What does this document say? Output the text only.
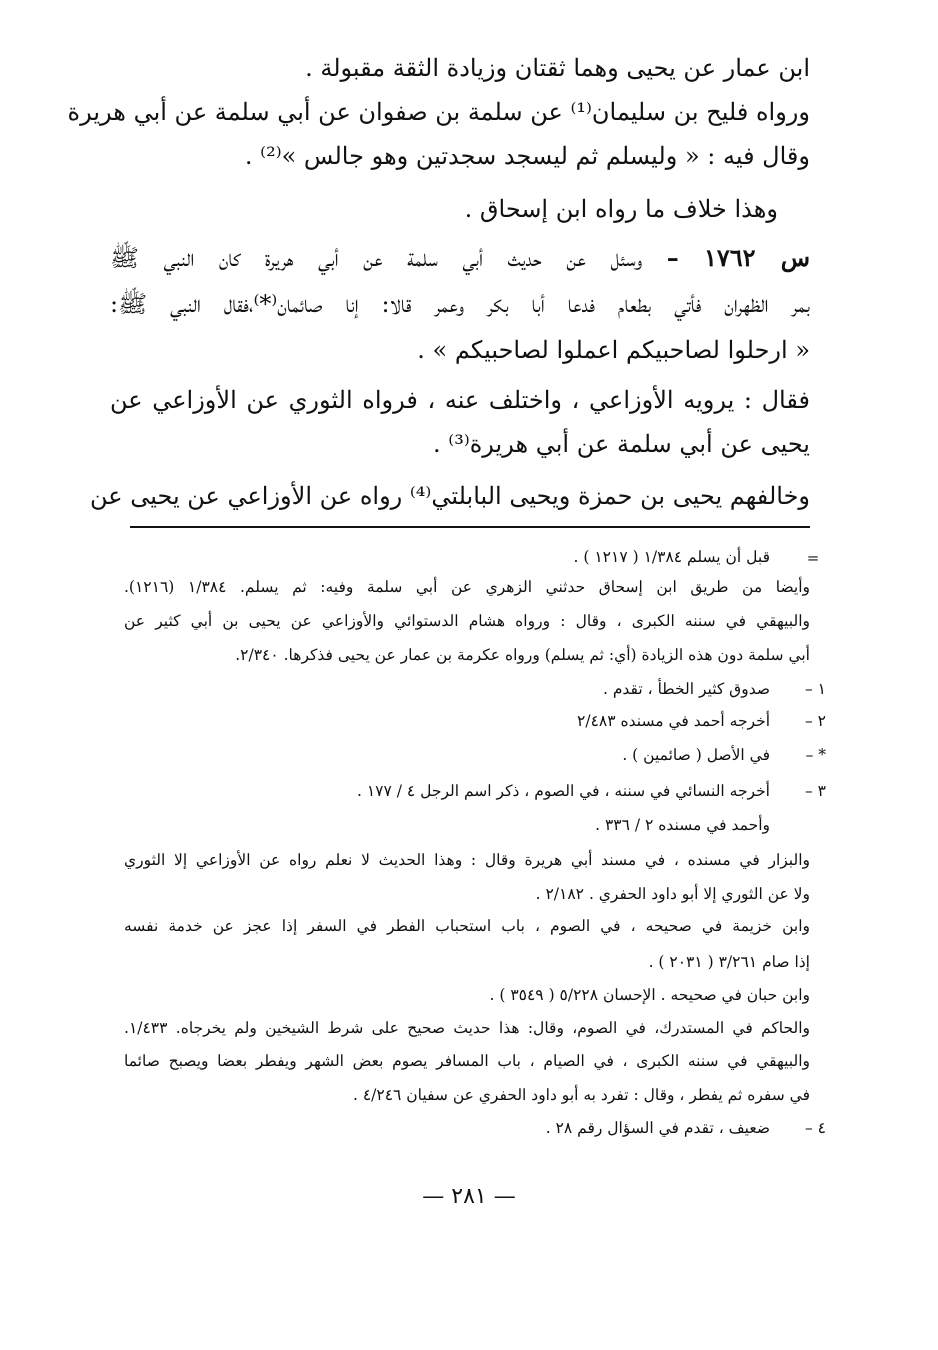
ابن عمار عن يحيى وهما ثقتان وزيادة الثقة مقبولة .
ورواه فليح بن سليمان⁽¹⁾ عن سلمة بن صفوان عن أبي سلمة عن أبي هريرة
وقال فيه : « وليسلم ثم ليسجد سجدتين وهو جالس »⁽²⁾ .
وهذا خلاف ما رواه ابن إسحاق .
س ١٧٦٢ – وسئل عن حديث أبي سلمة عن أبي هريرة كان النبي ﷺ
بمر الظهران فأتي بطعام فدعا أبا بكر وعمر قالا: إنا صائمان⁽*⁾،فقال النبي ﷺ:
« ارحلوا لصاحبيكم اعملوا لصاحبيكم » .
فقال : يرويه الأوزاعي ، واختلف عنه ، فرواه الثوري عن الأوزاعي عن
يحيى عن أبي سلمة عن أبي هريرة⁽³⁾ .
وخالفهم يحيى بن حمزة ويحيى البابلتي⁽⁴⁾ رواه عن الأوزاعي عن يحيى عن
=
قبل أن يسلم ١/٣٨٤ ( ١٢١٧ ) .
وأيضا من طريق ابن إسحاق حدثني الزهري عن أبي سلمة وفيه: ثم يسلم. ١/٣٨٤ (١٢١٦).
والبيهقي في سننه الكبرى ، وقال : ورواه هشام الدستوائي والأوزاعي عن يحيى بن أبي كثير عن
أبي سلمة دون هذه الزيادة (أي: ثم يسلم) ورواه عكرمة بن عمار عن يحيى فذكرها. ٢/٣٤٠.
١ –
صدوق كثير الخطأ ، تقدم .
٢ –
أخرجه أحمد في مسنده ٢/٤٨٣
* –
في الأصل ( صائمين ) .
٣ –
أخرجه النسائي في سننه ، في الصوم ، ذكر اسم الرجل ٤ / ١٧٧ .
وأحمد في مسنده ٢ / ٣٣٦ .
والبزار في مسنده ، في مسند أبي هريرة وقال : وهذا الحديث لا نعلم رواه عن الأوزاعي إلا الثوري
ولا عن الثوري إلا أبو داود الحفري . ٢/١٨٢ .
وابن خزيمة في صحيحه ، في الصوم ، باب استحباب الفطر في السفر إذا عجز عن خدمة نفسه
إذا صام ٣/٢٦١ ( ٢٠٣١ ) .
وابن حبان في صحيحه . الإحسان ٥/٢٢٨ ( ٣٥٤٩ ) .
والحاكم في المستدرك، في الصوم، وقال: هذا حديث صحيح على شرط الشيخين ولم يخرجاه. ١/٤٣٣.
والبيهقي في سننه الكبرى ، في الصيام ، باب المسافر يصوم بعض الشهر ويفطر بعضا ويصبح صائما
في سفره ثم يفطر ، وقال : تفرد به أبو داود الحفري عن سفيان ٤/٢٤٦ .
٤ –
ضعيف ، تقدم في السؤال رقم ٢٨ .
— ٢٨١ —
